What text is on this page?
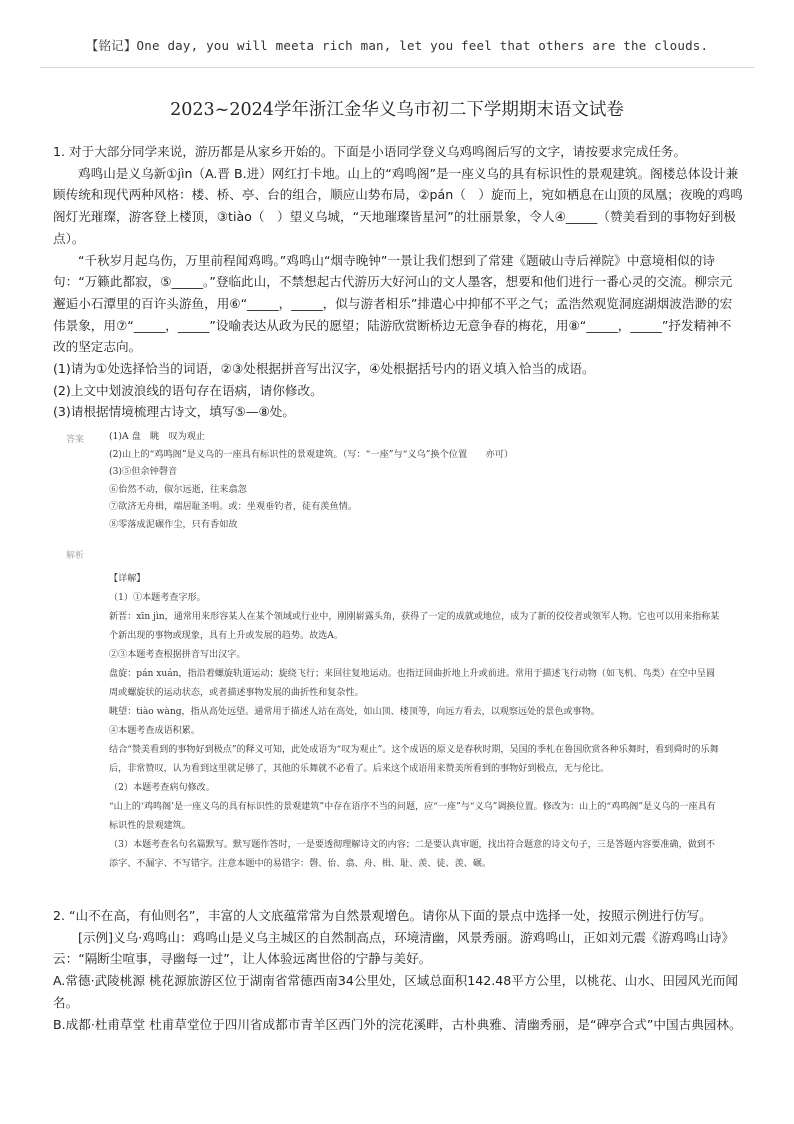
【铭记】One day, you will meeta rich man, let you feel that others are the clouds.
2023~2024学年浙江金华义乌市初二下学期期末语文试卷

1. 对于大部分同学来说，游历都是从家乡开始的。下面是小语同学登义乌鸡鸣阁后写的文字，请按要求完成任务。

鸡鸣山是义乌新①jìn（A.晋 B.进）网红打卡地。山上的“鸡鸣阁”是一座义乌的具有标识性的景观建筑。阁楼总体设计兼顾传统和现代两种风格：楼、桥、亭、台的组合，顺应山势布局，②pán（　）旋而上，宛如栖息在山顶的凤凰；夜晚的鸡鸣阁灯光璀璨，游客登上楼顶，③tiào（　）望义乌城，“天地璀璨皆星河”的壮丽景象，令人④_____（赞美看到的事物好到极点）。

“千秋岁月起乌伤，万里前程闻鸡鸣。”鸡鸣山“烟寺晚钟”一景让我们想到了常建《题破山寺后禅院》中意境相似的诗句：“万籁此都寂，⑤_____。”登临此山，不禁想起古代游历大好河山的文人墨客，想要和他们进行一番心灵的交流。柳宗元邂逅小石潭里的百许头游鱼，用⑥“_____，_____，似与游者相乐”排遣心中抑郁不平之气；孟浩然观览洞庭湖烟波浩渺的宏伟景象，用⑦“_____，_____”设喻表达从政为民的愿望；陆游欣赏断桥边无意争春的梅花，用⑧“_____，_____”抒发精神不改的坚定志向。

(1)请为①处选择恰当的词语，②③处根据拼音写出汉字，④处根据括号内的语义填入恰当的成语。

(2)上文中划波浪线的语句存在语病，请你修改。

(3)请根据情境梳理古诗文，填写⑤—⑧处。

答案	(1)A 盘　眺　叹为观止

(2)山上的“鸡鸣阁”是义乌的一座具有标识性的景观建筑。（写：“一座”与“义乌”换个位置　　亦可）

(3)⑤但余钟磬音

⑥佁然不动，俶尔远逝，往来翕忽

⑦欲济无舟楫，端居耻圣明。或：坐观垂钓者，徒有羡鱼情。

⑧零落成泥碾作尘，只有香如故

解析

【详解】

（1）①本题考查字形。

新晋：xīn jìn，通常用来形容某人在某个领域或行业中，刚刚崭露头角，获得了一定的成就或地位，成为了新的佼佼者或领军人物。它也可以用来指称某个新出现的事物或现象，具有上升或发展的趋势。故选A。

②③本题考查根据拼音写出汉字。

盘旋：pán xuán，指沿着螺旋轨道运动；旋绕飞行；来回往复地运动。也指迂回曲折地上升或前进。常用于描述飞行动物（如飞机、鸟类）在空中呈圆周或螺旋状的运动状态，或者描述事物发展的曲折性和复杂性。

眺望：tiào wàng，指从高处远望。通常用于描述人站在高处，如山顶、楼顶等，向远方看去，以观察远处的景色或事物。

④本题考查成语积累。

结合“赞美看到的事物好到极点”的释义可知，此处成语为“叹为观止”。这个成语的原义是春秋时期，吴国的季札在鲁国欣赏各种乐舞时，看到舜时的乐舞后，非常赞叹，认为看到这里就足够了，其他的乐舞就不必看了。后来这个成语用来赞美所看到的事物好到极点，无与伦比。

（2）本题考查病句修改。

“山上的‘鸡鸣阁’是一座义乌的具有标识性的景观建筑”中存在语序不当的问题，应“一座”与“义乌”调换位置。修改为：山上的“鸡鸣阁”是义乌的一座具有标识性的景观建筑。

（3）本题考查名句名篇默写。默写题作答时，一是要透彻理解诗文的内容；二是要认真审题，找出符合题意的诗文句子，三是答题内容要准确，做到不添字、不漏字、不写错字。注意本题中的易错字：磬、佁、翕、舟、楫、耻、羡、徒、羡、碾。

2. “山不在高，有仙则名”，丰富的人文底蕴常常为自然景观增色。请你从下面的景点中选择一处，按照示例进行仿写。

[示例]义乌·鸡鸣山：鸡鸣山是义乌主城区的自然制高点，环境清幽，风景秀丽。游鸡鸣山，正如刘元震《游鸡鸣山诗》云：“隔断尘喧事，寻幽每一过”，让人体验远离世俗的宁静与美好。

A.常德·武陵桃源 桃花源旅游区位于湖南省常德西南34公里处，区域总面积142.48平方公里，以桃花、山水、田园风光而闻名。

B.成都·杜甫草堂 杜甫草堂位于四川省成都市青羊区西门外的浣花溪畔，古朴典雅、清幽秀丽，是“碑亭合式”中国古典园林。
